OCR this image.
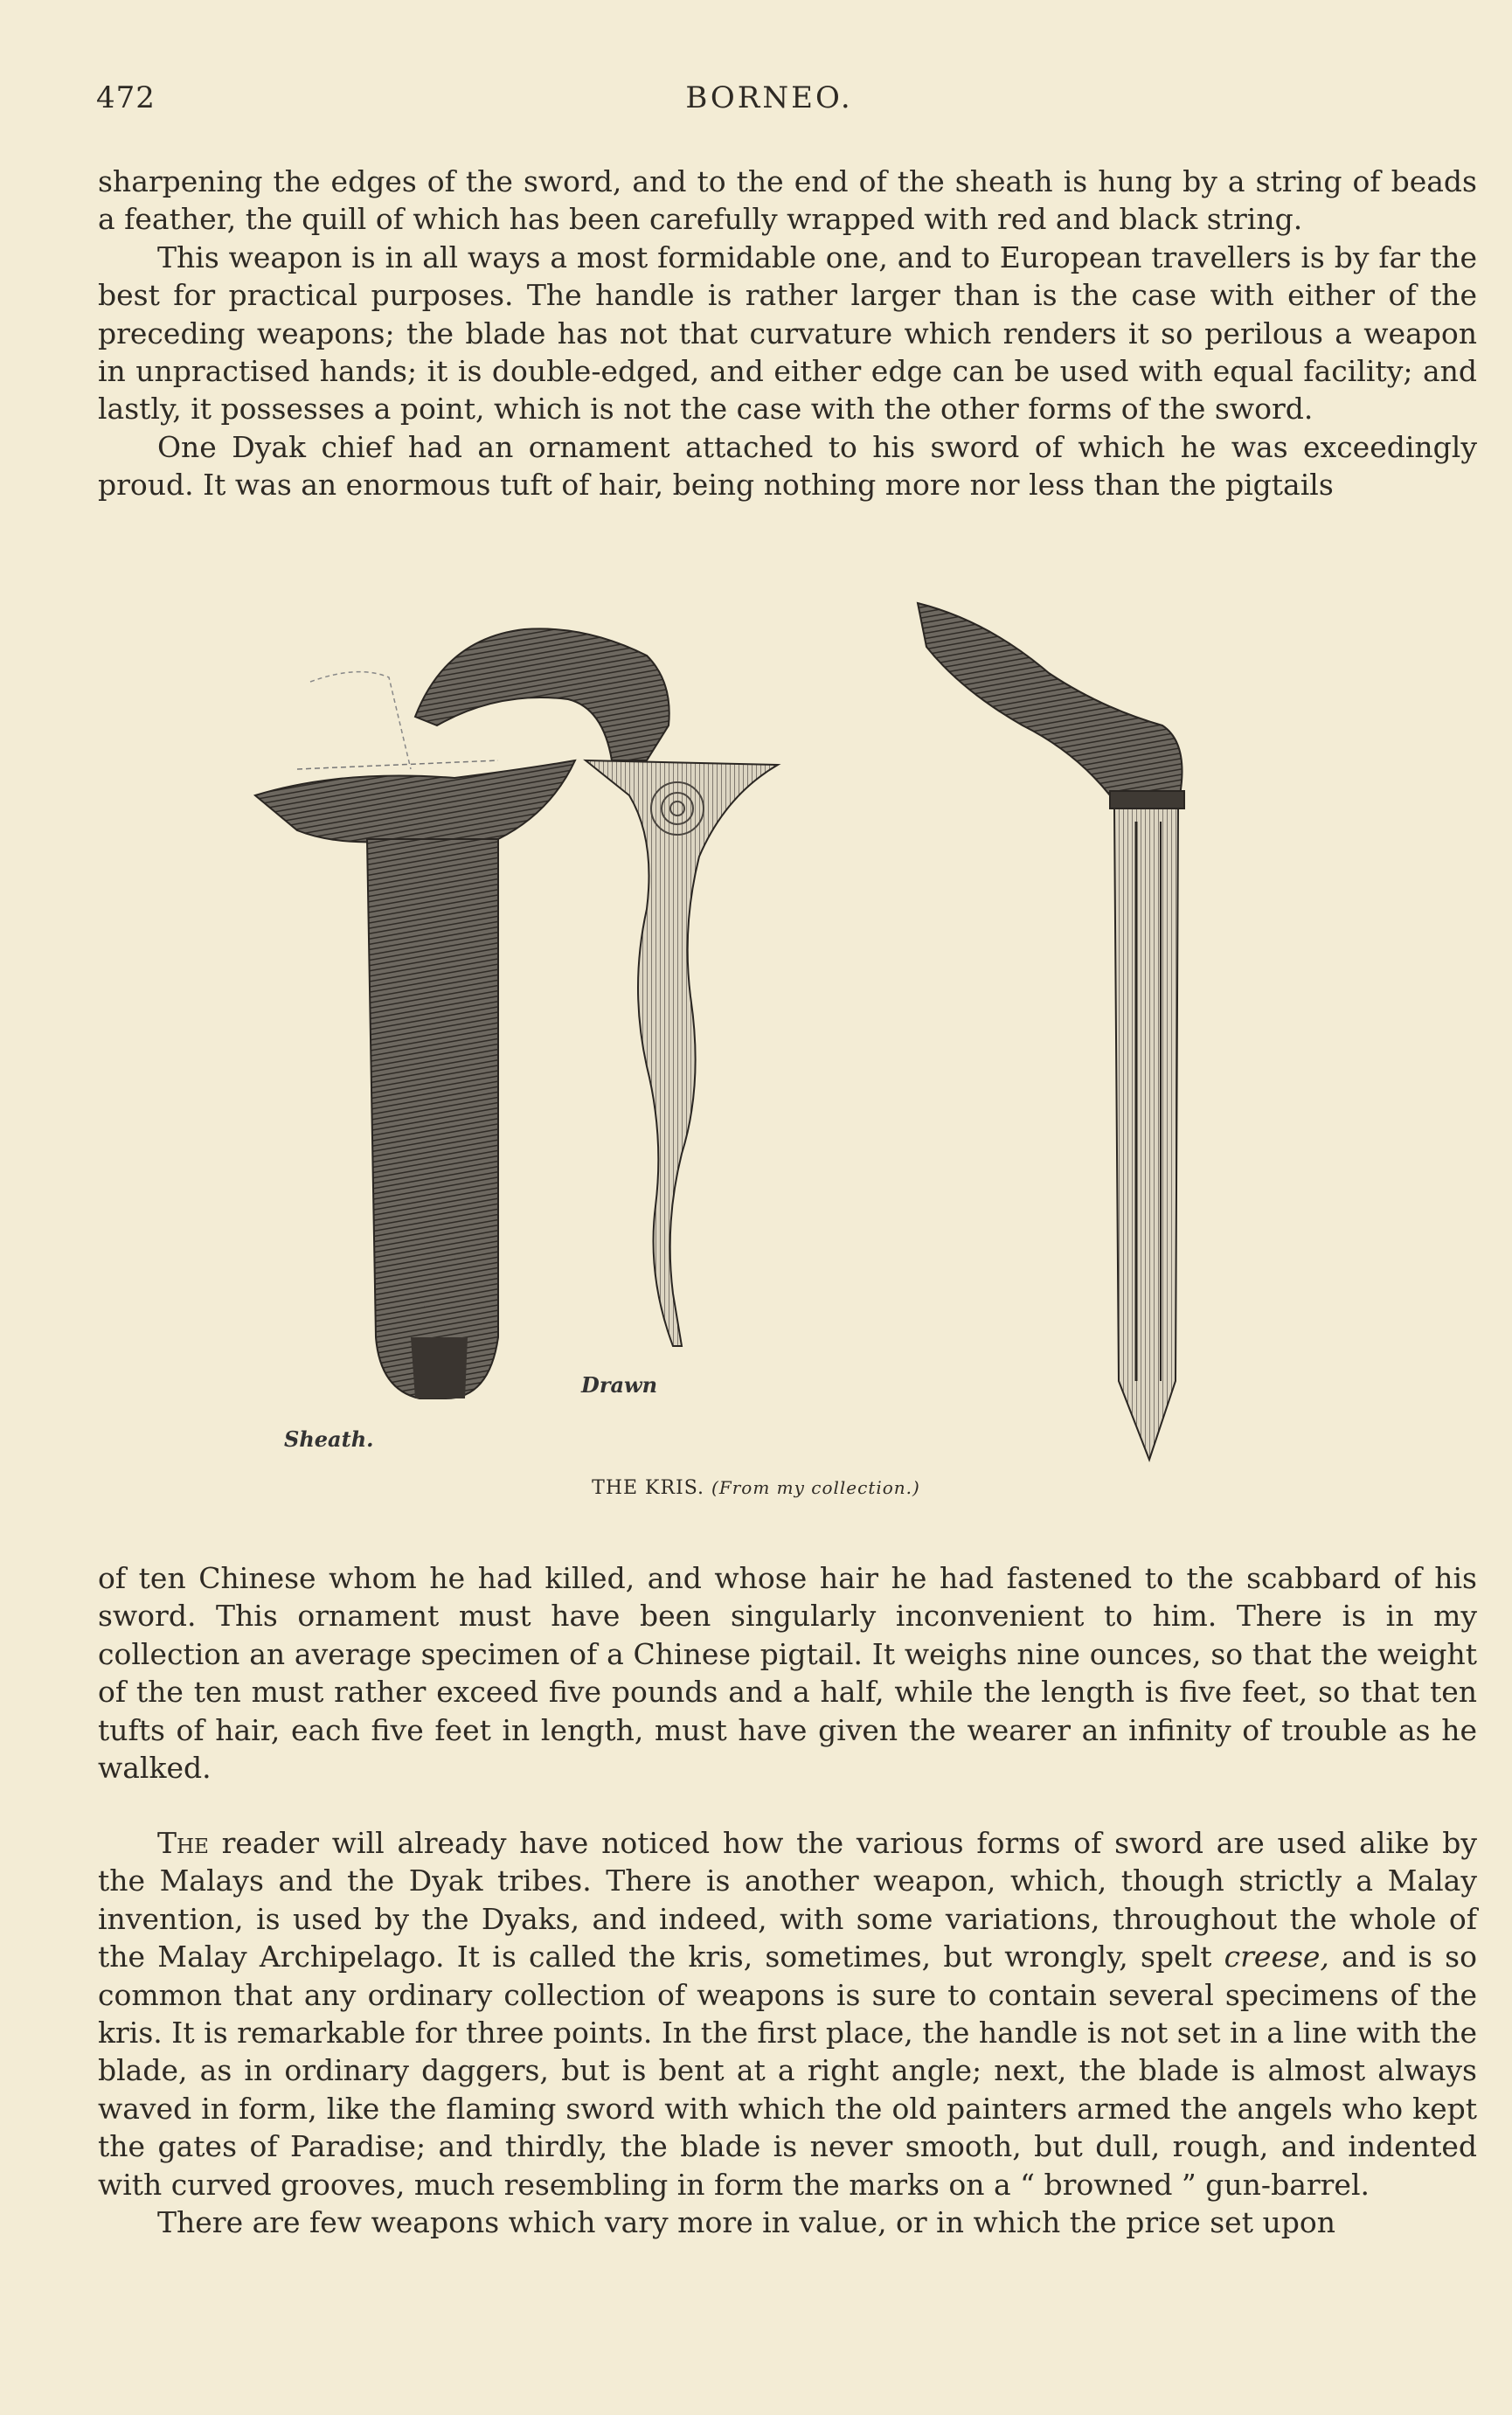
472	BORNEO.

sharpening the edges of the sword, and to the end of the sheath is hung by a string of beads a feather, the quill of which has been carefully wrapped with red and black string.

This weapon is in all ways a most formidable one, and to European travellers is by far the best for practical purposes. The handle is rather larger than is the case with either of the preceding weapons; the blade has not that curvature which renders it so perilous a weapon in unpractised hands; it is double-edged, and either edge can be used with equal facility; and lastly, it possesses a point, which is not the case with the other forms of the sword.

One Dyak chief had an ornament attached to his sword of which he was exceedingly proud. It was an enormous tuft of hair, being nothing more nor less than the pigtails

Sheath.
Drawn
THE KRIS. (From my collection.)

of ten Chinese whom he had killed, and whose hair he had fastened to the scabbard of his sword. This ornament must have been singularly inconvenient to him. There is in my collection an average specimen of a Chinese pigtail. It weighs nine ounces, so that the weight of the ten must rather exceed five pounds and a half, while the length is five feet, so that ten tufts of hair, each five feet in length, must have given the wearer an infinity of trouble as he walked.

The reader will already have noticed how the various forms of sword are used alike by the Malays and the Dyak tribes. There is another weapon, which, though strictly a Malay invention, is used by the Dyaks, and indeed, with some variations, throughout the whole of the Malay Archipelago. It is called the kris, sometimes, but wrongly, spelt creese, and is so common that any ordinary collection of weapons is sure to contain several specimens of the kris. It is remarkable for three points. In the first place, the handle is not set in a line with the blade, as in ordinary daggers, but is bent at a right angle; next, the blade is almost always waved in form, like the flaming sword with which the old painters armed the angels who kept the gates of Paradise; and thirdly, the blade is never smooth, but dull, rough, and indented with curved grooves, much resembling in form the marks on a “ browned ” gun-barrel.

There are few weapons which vary more in value, or in which the price set upon
